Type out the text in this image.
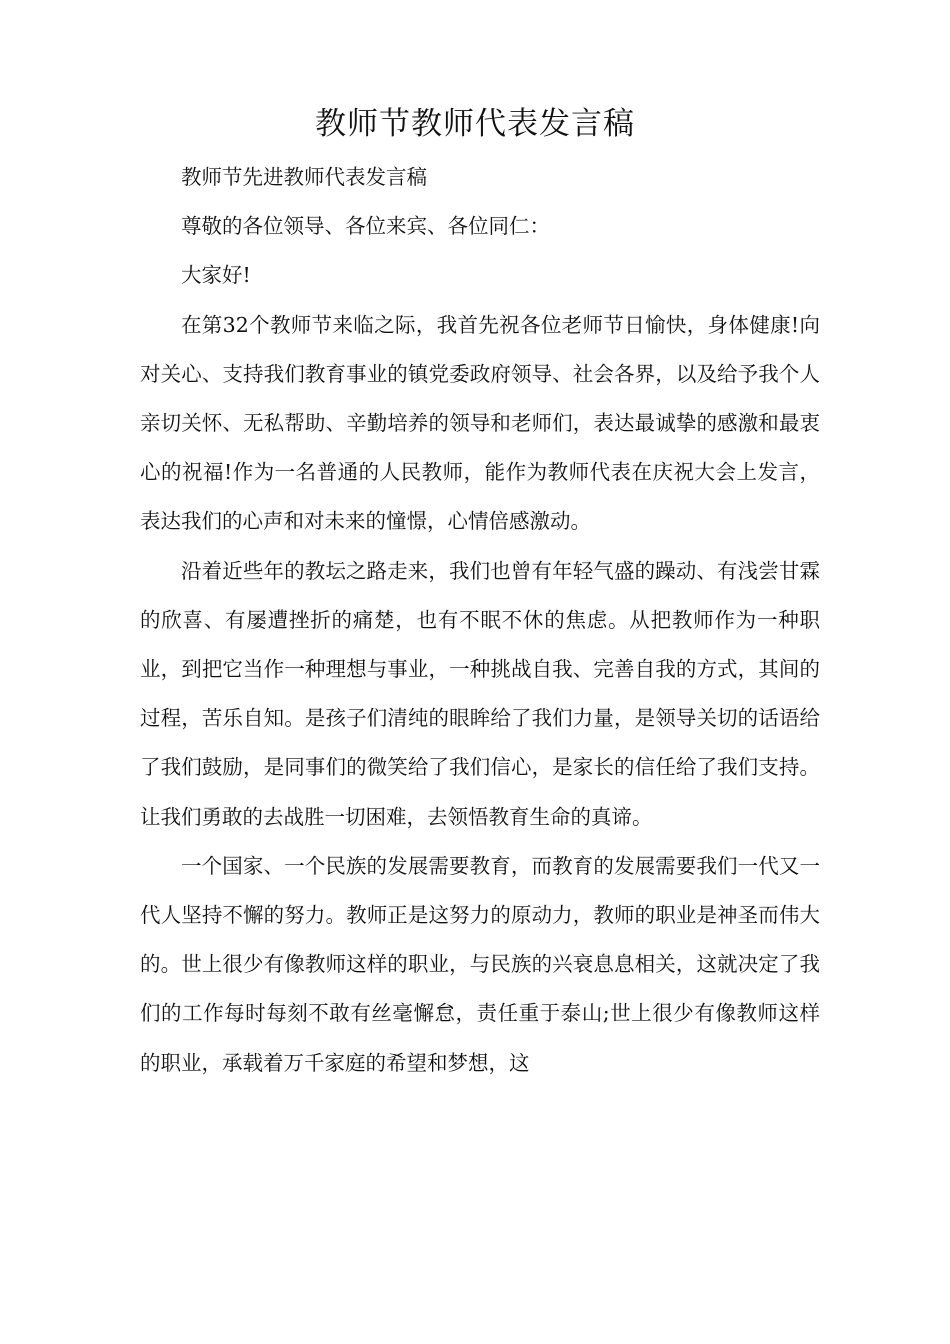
教师节教师代表发言稿

教师节先进教师代表发言稿

尊敬的各位领导、各位来宾、各位同仁：

大家好!

在第32个教师节来临之际，我首先祝各位老师节日愉快，身体健康!向对关心、支持我们教育事业的镇党委政府领导、社会各界，以及给予我个人亲切关怀、无私帮助、辛勤培养的领导和老师们，表达最诚挚的感激和最衷心的祝福!作为一名普通的人民教师，能作为教师代表在庆祝大会上发言，表达我们的心声和对未来的憧憬，心情倍感激动。

沿着近些年的教坛之路走来，我们也曾有年轻气盛的躁动、有浅尝甘霖的欣喜、有屡遭挫折的痛楚，也有不眠不休的焦虑。从把教师作为一种职业，到把它当作一种理想与事业，一种挑战自我、完善自我的方式，其间的过程，苦乐自知。是孩子们清纯的眼眸给了我们力量，是领导关切的话语给了我们鼓励，是同事们的微笑给了我们信心，是家长的信任给了我们支持。让我们勇敢的去战胜一切困难，去领悟教育生命的真谛。

一个国家、一个民族的发展需要教育，而教育的发展需要我们一代又一代人坚持不懈的努力。教师正是这努力的原动力，教师的职业是神圣而伟大的。世上很少有像教师这样的职业，与民族的兴衰息息相关，这就决定了我们的工作每时每刻不敢有丝毫懈怠，责任重于泰山;世上很少有像教师这样的职业，承载着万千家庭的希望和梦想，这
